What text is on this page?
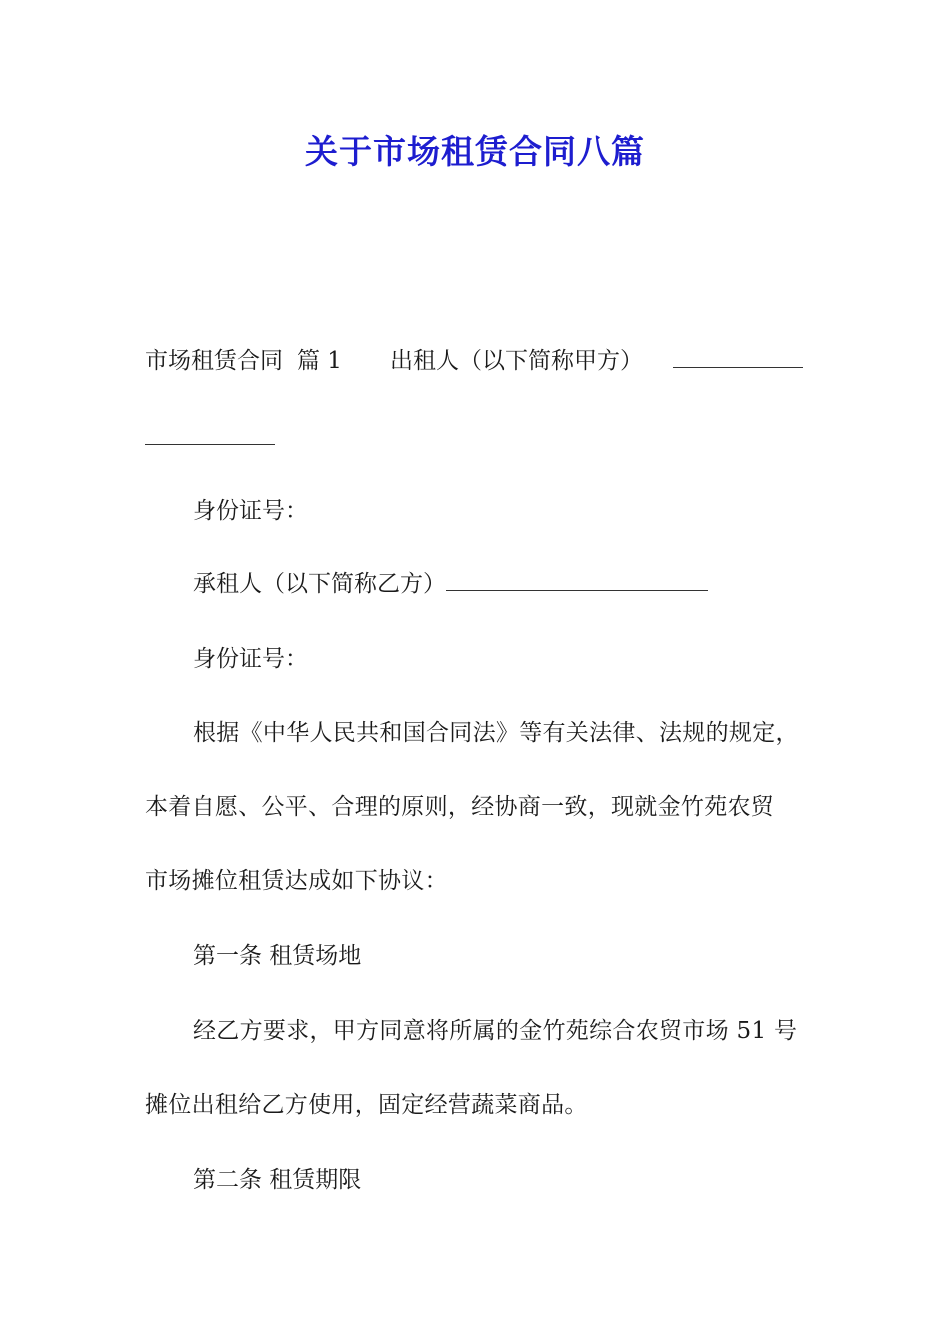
关于市场租赁合同八篇
市场租赁合同 篇 1 出租人（以下简称甲方）
身份证号：
承租人（以下简称乙方）
身份证号：
根据《中华人民共和国合同法》等有关法律、法规的规定，
本着自愿、公平、合理的原则，经协商一致，现就金竹苑农贸
市场摊位租赁达成如下协议：
第一条 租赁场地
经乙方要求，甲方同意将所属的金竹苑综合农贸市场 51 号
摊位出租给乙方使用，固定经营蔬菜商品。
第二条 租赁期限
